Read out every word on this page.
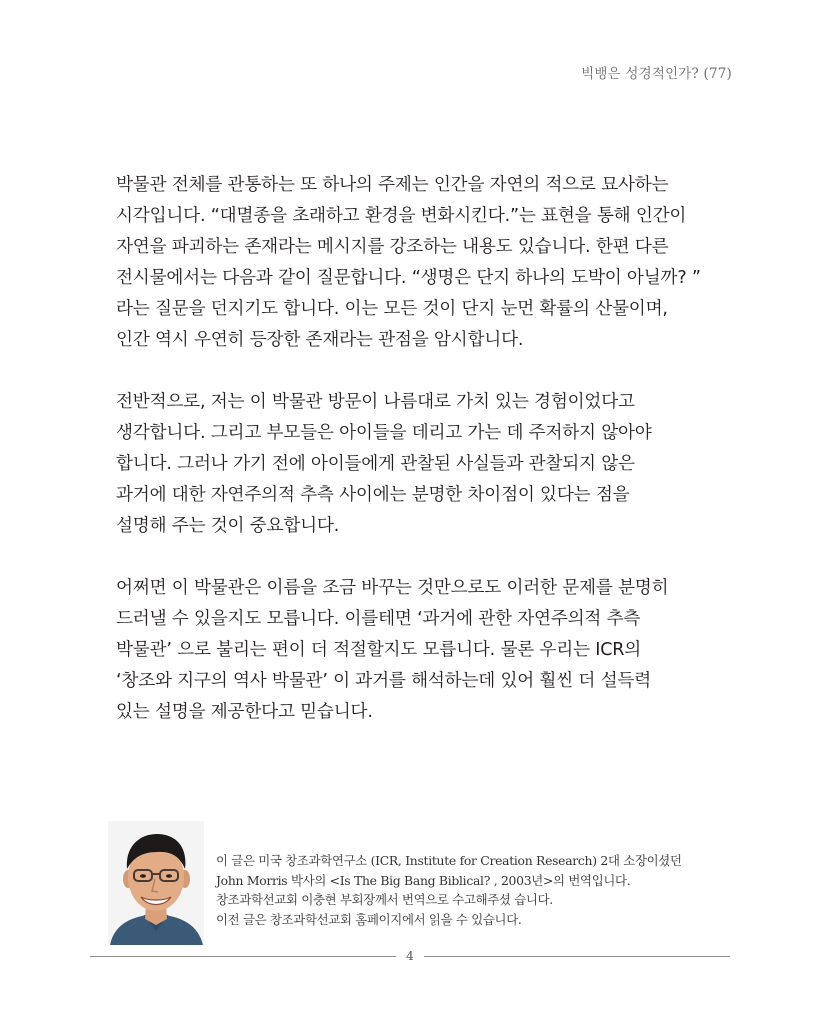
빅뱅은 성경적인가? (77)
박물관 전체를 관통하는 또 하나의 주제는 인간을 자연의 적으로 묘사하는
시각입니다. “대멸종을 초래하고 환경을 변화시킨다.”는 표현을 통해 인간이
자연을 파괴하는 존재라는 메시지를 강조하는 내용도 있습니다. 한편 다른
전시물에서는 다음과 같이 질문합니다. “생명은 단지 하나의 도박이 아닐까? ”
라는 질문을 던지기도 합니다. 이는 모든 것이 단지 눈먼 확률의 산물이며,
인간 역시 우연히 등장한 존재라는 관점을 암시합니다.
전반적으로, 저는 이 박물관 방문이 나름대로 가치 있는 경험이었다고
생각합니다. 그리고 부모들은 아이들을 데리고 가는 데 주저하지 않아야
합니다. 그러나 가기 전에 아이들에게 관찰된 사실들과 관찰되지 않은
과거에 대한 자연주의적 추측 사이에는 분명한 차이점이 있다는 점을
설명해 주는 것이 중요합니다.
어쩌면 이 박물관은 이름을 조금 바꾸는 것만으로도 이러한 문제를 분명히
드러낼 수 있을지도 모릅니다. 이를테면 ‘과거에 관한 자연주의적 추측
박물관’ 으로 불리는 편이 더 적절할지도 모릅니다. 물론 우리는 ICR의
‘창조와 지구의 역사 박물관’ 이 과거를 해석하는데 있어 훨씬 더 설득력
있는 설명을 제공한다고 믿습니다.
이 글은 미국 창조과학연구소 (ICR, Institute for Creation Research) 2대 소장이셨던
John Morris 박사의 <Is The Big Bang Biblical? , 2003년>의 번역입니다.
창조과학선교회 이충현 부회장께서 번역으로 수고해주셨 습니다.
이전 글은 창조과학선교회 홈페이지에서 읽을 수 있습니다.
4
